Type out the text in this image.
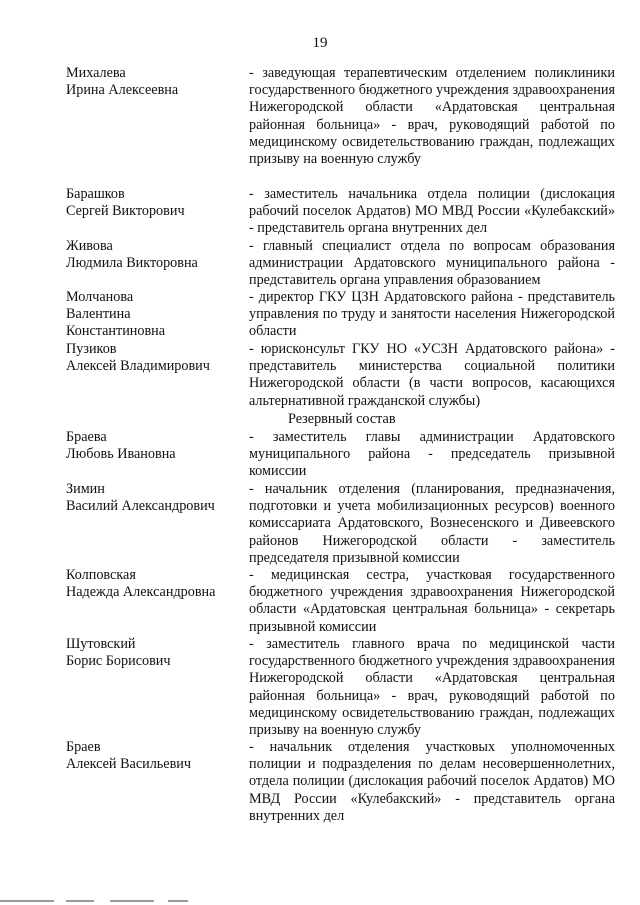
19

Михалева
Ирина Алексеевна

- заведующая терапевтическим отделением поликлиники государственного бюджетного учреждения здравоохранения Нижегородской области «Ардатовская центральная районная больница» - врач, руководящий работой по медицинскому освидетельствованию граждан, подлежащих призыву на военную службу

Барашков
Сергей Викторович

- заместитель начальника отдела полиции (дислокация рабочий поселок Ардатов) МО МВД России «Кулебакский» - представитель органа внутренних дел

Живова
Людмила Викторовна

- главный специалист отдела по вопросам образования администрации Ардатовского муниципального района - представитель органа управления образованием

Молчанова
Валентина
Константиновна

- директор ГКУ ЦЗН Ардатовского района - представитель управления по труду и занятости населения Нижегородской области

Пузиков
Алексей Владимирович

- юрисконсульт ГКУ НО «УСЗН Ардатовского района» - представитель министерства социальной политики Нижегородской области (в части вопросов, касающихся альтернативной гражданской службы)

Резервный состав

Браева
Любовь Ивановна

- заместитель главы администрации Ардатовского муниципального района - председатель призывной комиссии

Зимин
Василий Александрович

- начальник отделения (планирования, предназначения, подготовки и учета мобилизационных ресурсов) военного комиссариата Ардатовского, Вознесенского и Дивеевского районов Нижегородской области - заместитель председателя призывной комиссии

Колповская
Надежда Александровна

- медицинская сестра, участковая государственного бюджетного учреждения здравоохранения Нижегородской области «Ардатовская центральная больница» - секретарь призывной комиссии

Шутовский
Борис Борисович

- заместитель главного врача по медицинской части государственного бюджетного учреждения здравоохранения Нижегородской области «Ардатовская центральная районная больница» - врач, руководящий работой по медицинскому освидетельствованию граждан, подлежащих призыву на военную службу

Браев
Алексей Васильевич

- начальник отделения участковых уполномоченных полиции и подразделения по делам несовершеннолетних, отдела полиции (дислокация рабочий поселок Ардатов) МО МВД России «Кулебакский» - представитель органа внутренних дел
